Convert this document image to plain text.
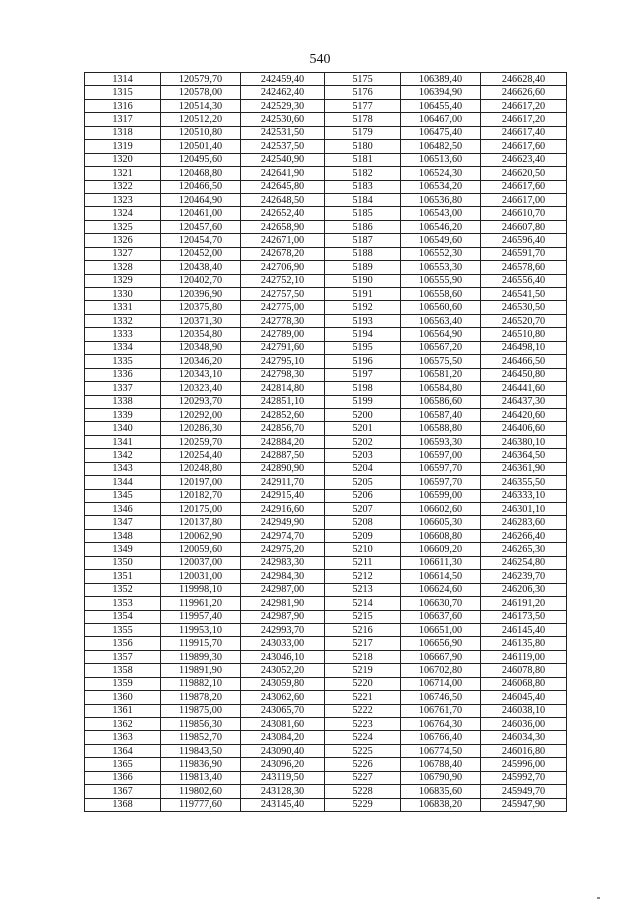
540
1314	120579,70	242459,40	5175	106389,40	246628,40
1315	120578,00	242462,40	5176	106394,90	246626,60
1316	120514,30	242529,30	5177	106455,40	246617,20
1317	120512,20	242530,60	5178	106467,00	246617,20
1318	120510,80	242531,50	5179	106475,40	246617,40
1319	120501,40	242537,50	5180	106482,50	246617,60
1320	120495,60	242540,90	5181	106513,60	246623,40
1321	120468,80	242641,90	5182	106524,30	246620,50
1322	120466,50	242645,80	5183	106534,20	246617,60
1323	120464,90	242648,50	5184	106536,80	246617,00
1324	120461,00	242652,40	5185	106543,00	246610,70
1325	120457,60	242658,90	5186	106546,20	246607,80
1326	120454,70	242671,00	5187	106549,60	246596,40
1327	120452,00	242678,20	5188	106552,30	246591,70
1328	120438,40	242706,90	5189	106553,30	246578,60
1329	120402,70	242752,10	5190	106555,90	246556,40
1330	120396,90	242757,50	5191	106558,60	246541,50
1331	120375,80	242775,00	5192	106560,60	246530,50
1332	120371,30	242778,30	5193	106563,40	246520,70
1333	120354,80	242789,00	5194	106564,90	246510,80
1334	120348,90	242791,60	5195	106567,20	246498,10
1335	120346,20	242795,10	5196	106575,50	246466,50
1336	120343,10	242798,30	5197	106581,20	246450,80
1337	120323,40	242814,80	5198	106584,80	246441,60
1338	120293,70	242851,10	5199	106586,60	246437,30
1339	120292,00	242852,60	5200	106587,40	246420,60
1340	120286,30	242856,70	5201	106588,80	246406,60
1341	120259,70	242884,20	5202	106593,30	246380,10
1342	120254,40	242887,50	5203	106597,00	246364,50
1343	120248,80	242890,90	5204	106597,70	246361,90
1344	120197,00	242911,70	5205	106597,70	246355,50
1345	120182,70	242915,40	5206	106599,00	246333,10
1346	120175,00	242916,60	5207	106602,60	246301,10
1347	120137,80	242949,90	5208	106605,30	246283,60
1348	120062,90	242974,70	5209	106608,80	246266,40
1349	120059,60	242975,20	5210	106609,20	246265,30
1350	120037,00	242983,30	5211	106611,30	246254,80
1351	120031,00	242984,30	5212	106614,50	246239,70
1352	119998,10	242987,00	5213	106624,60	246206,30
1353	119961,20	242981,90	5214	106630,70	246191,20
1354	119957,40	242987,90	5215	106637,60	246173,50
1355	119953,10	242993,70	5216	106651,00	246145,40
1356	119915,70	243033,00	5217	106656,90	246135,80
1357	119899,30	243046,10	5218	106667,90	246119,00
1358	119891,90	243052,20	5219	106702,80	246078,80
1359	119882,10	243059,80	5220	106714,00	246068,80
1360	119878,20	243062,60	5221	106746,50	246045,40
1361	119875,00	243065,70	5222	106761,70	246038,10
1362	119856,30	243081,60	5223	106764,30	246036,00
1363	119852,70	243084,20	5224	106766,40	246034,30
1364	119843,50	243090,40	5225	106774,50	246016,80
1365	119836,90	243096,20	5226	106788,40	245996,00
1366	119813,40	243119,50	5227	106790,90	245992,70
1367	119802,60	243128,30	5228	106835,60	245949,70
1368	119777,60	243145,40	5229	106838,20	245947,90
